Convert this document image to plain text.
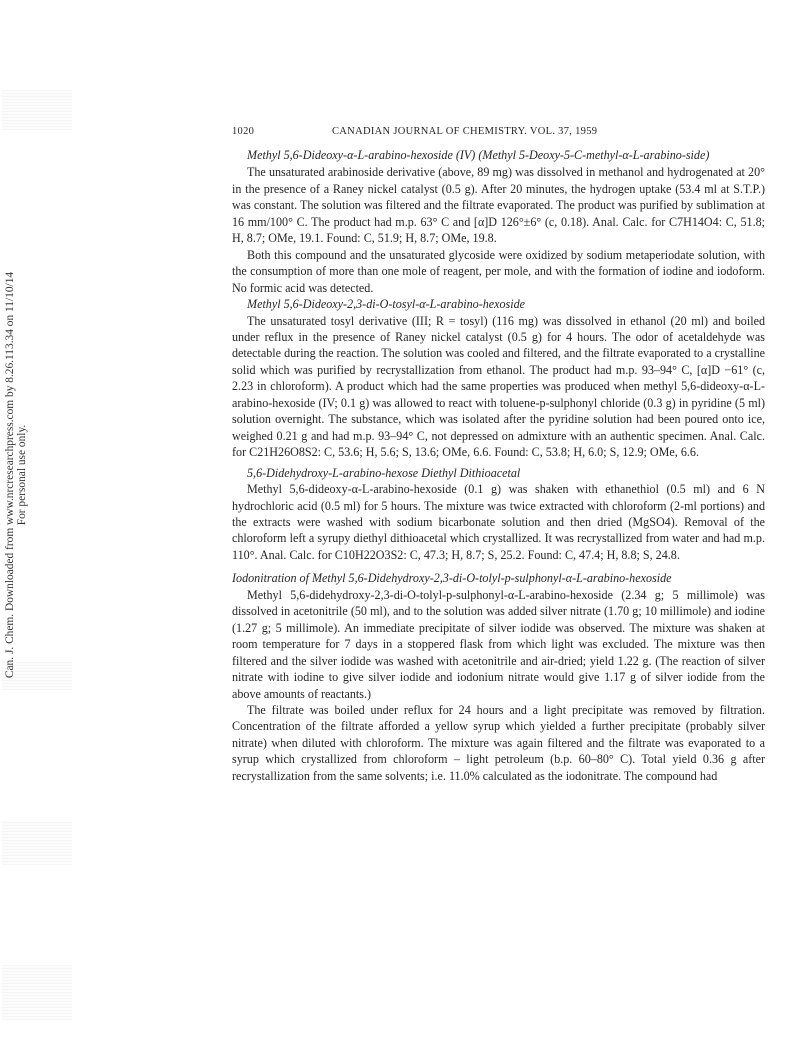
Can. J. Chem. Downloaded from www.nrcresearchpress.com by 8.26.113.34 on 11/10/14 For personal use only.
1020	CANADIAN JOURNAL OF CHEMISTRY. VOL. 37, 1959
Methyl 5,6-Dideoxy-α-L-arabino-hexoside (IV) (Methyl 5-Deoxy-5-C-methyl-α-L-arabino-side)

The unsaturated arabinoside derivative (above, 89 mg) was dissolved in methanol and hydrogenated at 20° in the presence of a Raney nickel catalyst (0.5 g). After 20 minutes, the hydrogen uptake (53.4 ml at S.T.P.) was constant. The solution was filtered and the filtrate evaporated. The product was purified by sublimation at 16 mm/100° C. The product had m.p. 63° C and [α]D 126°±6° (c, 0.18). Anal. Calc. for C7H14O4: C, 51.8; H, 8.7; OMe, 19.1. Found: C, 51.9; H, 8.7; OMe, 19.8.

Both this compound and the unsaturated glycoside were oxidized by sodium metaperiodate solution, with the consumption of more than one mole of reagent, per mole, and with the formation of iodine and iodoform. No formic acid was detected.

Methyl 5,6-Dideoxy-2,3-di-O-tosyl-α-L-arabino-hexoside

The unsaturated tosyl derivative (III; R = tosyl) (116 mg) was dissolved in ethanol (20 ml) and boiled under reflux in the presence of Raney nickel catalyst (0.5 g) for 4 hours. The odor of acetaldehyde was detectable during the reaction. The solution was cooled and filtered, and the filtrate evaporated to a crystalline solid which was purified by recrystallization from ethanol. The product had m.p. 93–94° C, [α]D −61° (c, 2.23 in chloroform). A product which had the same properties was produced when methyl 5,6-dideoxy-α-L-arabino-hexoside (IV; 0.1 g) was allowed to react with toluene-p-sulphonyl chloride (0.3 g) in pyridine (5 ml) solution overnight. The substance, which was isolated after the pyridine solution had been poured onto ice, weighed 0.21 g and had m.p. 93–94° C, not depressed on admixture with an authentic specimen. Anal. Calc. for C21H26O8S2: C, 53.6; H, 5.6; S, 13.6; OMe, 6.6. Found: C, 53.8; H, 6.0; S, 12.9; OMe, 6.6.

5,6-Didehydroxy-L-arabino-hexose Diethyl Dithioacetal

Methyl 5,6-dideoxy-α-L-arabino-hexoside (0.1 g) was shaken with ethanethiol (0.5 ml) and 6 N hydrochloric acid (0.5 ml) for 5 hours. The mixture was twice extracted with chloroform (2-ml portions) and the extracts were washed with sodium bicarbonate solution and then dried (MgSO4). Removal of the chloroform left a syrupy diethyl dithioacetal which crystallized. It was recrystallized from water and had m.p. 110°. Anal. Calc. for C10H22O3S2: C, 47.3; H, 8.7; S, 25.2. Found: C, 47.4; H, 8.8; S, 24.8.

Iodonitration of Methyl 5,6-Didehydroxy-2,3-di-O-tolyl-p-sulphonyl-α-L-arabino-hexoside

Methyl 5,6-didehydroxy-2,3-di-O-tolyl-p-sulphonyl-α-L-arabino-hexoside (2.34 g; 5 millimole) was dissolved in acetonitrile (50 ml), and to the solution was added silver nitrate (1.70 g; 10 millimole) and iodine (1.27 g; 5 millimole). An immediate precipitate of silver iodide was observed. The mixture was shaken at room temperature for 7 days in a stoppered flask from which light was excluded. The mixture was then filtered and the silver iodide was washed with acetonitrile and air-dried; yield 1.22 g. (The reaction of silver nitrate with iodine to give silver iodide and iodonium nitrate would give 1.17 g of silver iodide from the above amounts of reactants.)

The filtrate was boiled under reflux for 24 hours and a light precipitate was removed by filtration. Concentration of the filtrate afforded a yellow syrup which yielded a further precipitate (probably silver nitrate) when diluted with chloroform. The mixture was again filtered and the filtrate was evaporated to a syrup which crystallized from chloroform – light petroleum (b.p. 60–80° C). Total yield 0.36 g after recrystallization from the same solvents; i.e. 11.0% calculated as the iodonitrate. The compound had
